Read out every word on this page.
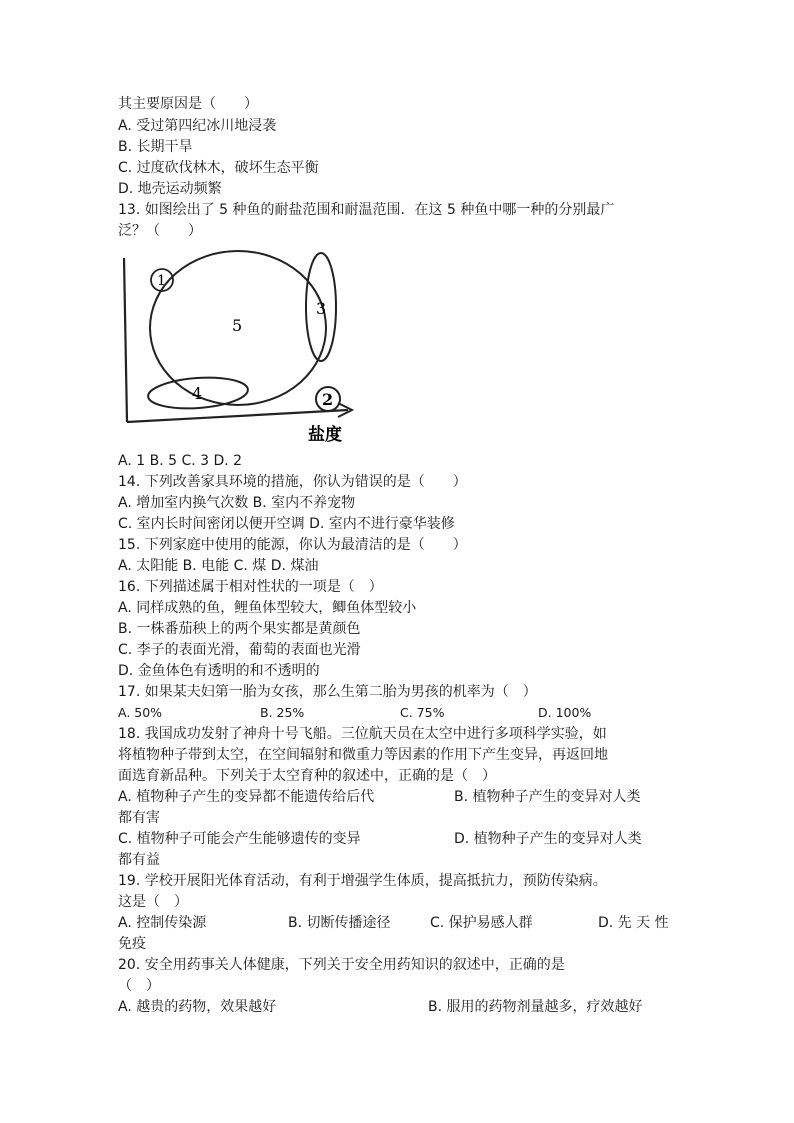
其主要原因是（　　）
A. 受过第四纪冰川地浸袭
B. 长期干旱
C. 过度砍伐林木，破坏生态平衡
D. 地壳运动频繁
13. 如图绘出了 5 种鱼的耐盐范围和耐温范围．在这 5 种鱼中哪一种的分别最广
泛？（　　）
1
2
3
4
5
盐度
A. 1 B. 5 C. 3 D. 2
14. 下列改善家具环境的措施，你认为错误的是（　　）
A. 增加室内换气次数 B. 室内不养宠物
C. 室内长时间密闭以便开空调 D. 室内不进行豪华装修
15. 下列家庭中使用的能源，你认为最清洁的是（　　）
A. 太阳能 B. 电能 C. 煤 D. 煤油
16. 下列描述属于相对性状的一项是（　）
A. 同样成熟的鱼，鲤鱼体型较大，鲫鱼体型较小
B. 一株番茄秧上的两个果实都是黄颜色
C. 李子的表面光滑，葡萄的表面也光滑
D. 金鱼体色有透明的和不透明的
17. 如果某夫妇第一胎为女孩，那么生第二胎为男孩的机率为（　）
A. 50%	B. 25%	C. 75%	D. 100%
18. 我国成功发射了神舟十号飞船。三位航天员在太空中进行多项科学实验，如
将植物种子带到太空，在空间辐射和微重力等因素的作用下产生变异，再返回地
面选育新品种。下列关于太空育种的叙述中，正确的是（　）
A. 植物种子产生的变异都不能遗传给后代	B. 植物种子产生的变异对人类
都有害
C. 植物种子可能会产生能够遗传的变异	D. 植物种子产生的变异对人类
都有益
19. 学校开展阳光体育活动，有利于增强学生体质，提高抵抗力，预防传染病。
这是（　）
A. 控制传染源	B. 切断传播途径	C. 保护易感人群	D. 先 天 性
免疫
20. 安全用药事关人体健康，下列关于安全用药知识的叙述中，正确的是
（　）
A. 越贵的药物，效果越好	B. 服用的药物剂量越多，疗效越好
